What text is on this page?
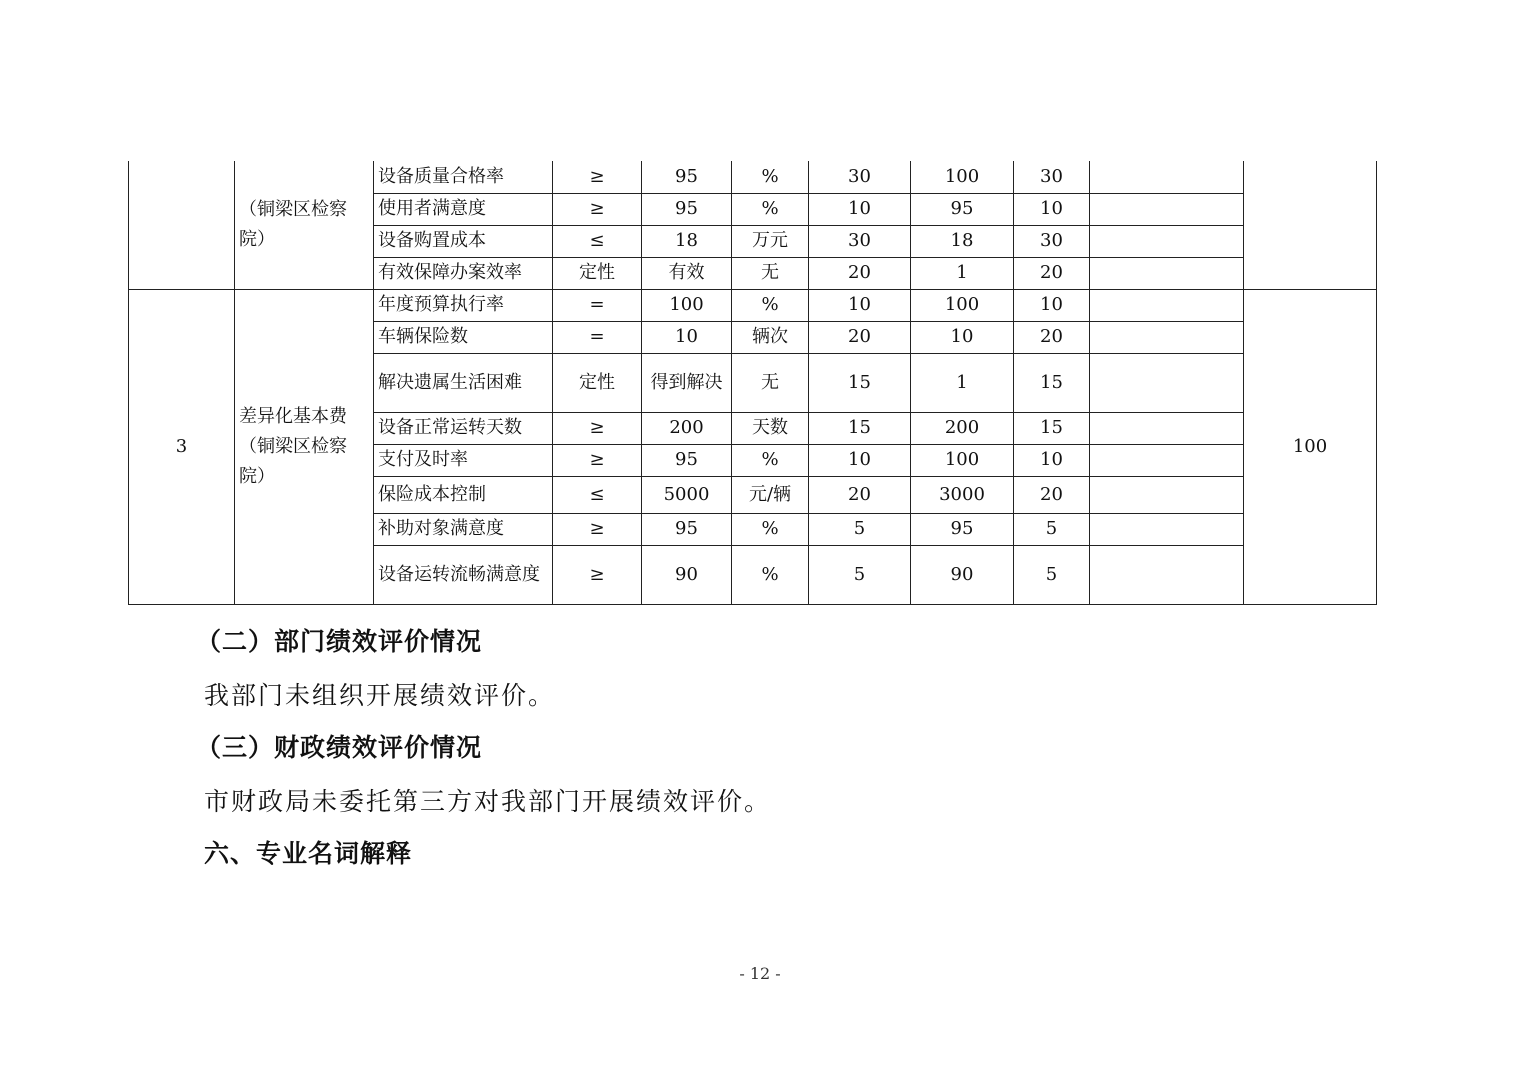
	（铜梁区检察院）	设备质量合格率	≥	95	%	30	100	30		
		使用者满意度	≥	95	%	10	95	10		
		设备购置成本	≤	18	万元	30	18	30		
		有效保障办案效率	定性	有效	无	20	1	20		
3	差异化基本费（铜梁区检察院）	年度预算执行率	=	100	%	10	100	10		100
		车辆保险数	=	10	辆次	20	10	20		
		解决遗属生活困难	定性	得到解决	无	15	1	15		
		设备正常运转天数	≥	200	天数	15	200	15		
		支付及时率	≥	95	%	10	100	10		
		保险成本控制	≤	5000	元/辆	20	3000	20		
		补助对象满意度	≥	95	%	5	95	5		
		设备运转流畅满意度	≥	90	%	5	90	5		
（二）部门绩效评价情况
我部门未组织开展绩效评价。
（三）财政绩效评价情况
市财政局未委托第三方对我部门开展绩效评价。
六、专业名词解释
- 12 -
